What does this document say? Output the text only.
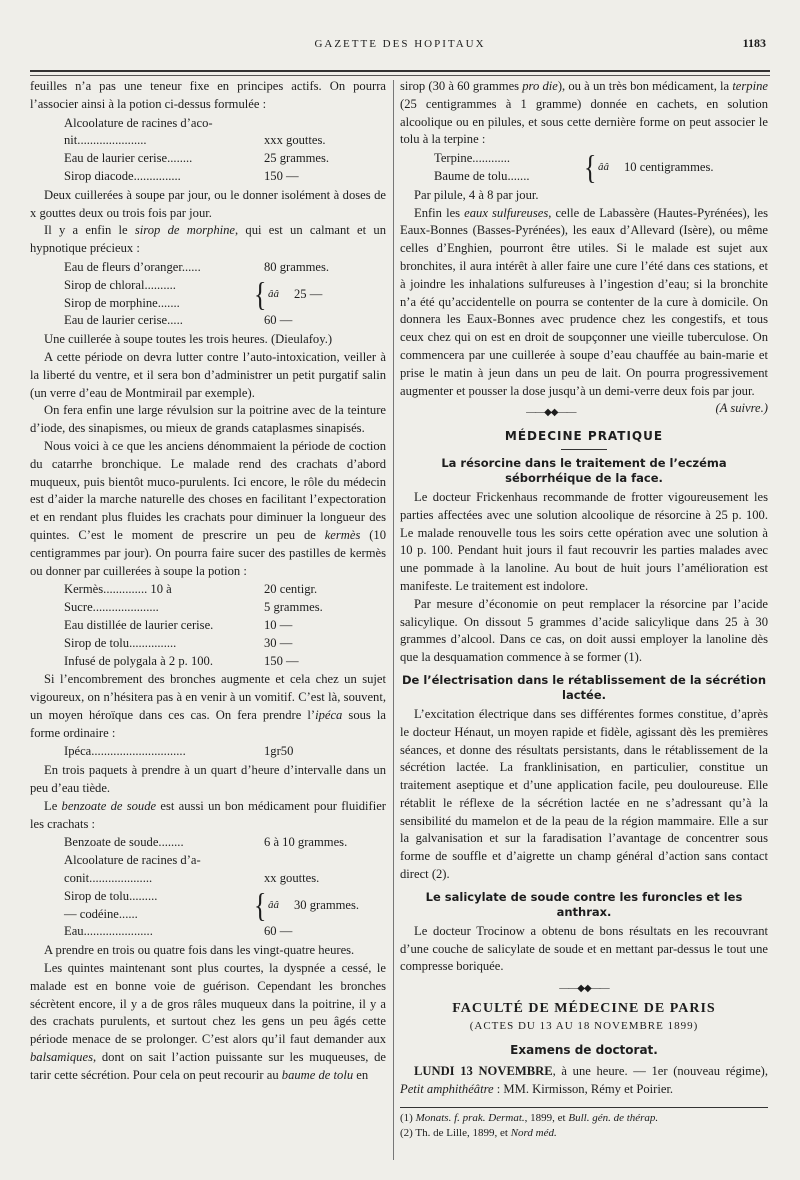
GAZETTE DES HOPITAUX	1183

feuilles n’a pas une teneur fixe en principes actifs. On pourra l’associer ainsi à la potion ci-dessus formulée :

Alcoolature de racines d’aco-
nit......................	xxx gouttes.
Eau de laurier cerise........	25 grammes.
Sirop diacode...............	150 —

Deux cuillerées à soupe par jour, ou le donner isolément à doses de x gouttes deux ou trois fois par jour.

Il y a enfin le sirop de morphine, qui est un calmant et un hypnotique précieux :

Eau de fleurs d’oranger......	80 grammes.
Sirop de chloral..........
Sirop de morphine.......	{ ââ	25 —
Eau de laurier cerise.....	60 —

Une cuillerée à soupe toutes les trois heures. (Dieulafoy.)

A cette période on devra lutter contre l’auto-intoxication, veiller à la liberté du ventre, et il sera bon d’administrer un petit purgatif salin (un verre d’eau de Montmirail par exemple).

On fera enfin une large révulsion sur la poitrine avec de la teinture d’iode, des sinapismes, ou mieux de grands cataplasmes sinapisés.

Nous voici à ce que les anciens dénommaient la période de coction du catarrhe bronchique. Le malade rend des crachats d’abord muqueux, puis bientôt muco-purulents. Ici encore, le rôle du médecin est d’aider la marche naturelle des choses en facilitant l’expectoration et en rendant plus fluides les crachats pour diminuer la longueur des quintes. C’est le moment de prescrire un peu de kermès (10 centigrammes par jour). On pourra faire sucer des pastilles de kermès ou donner par cuillerées à soupe la potion :

Kermès.............. 10 à	20 centigr.
Sucre.....................	5 grammes.
Eau distillée de laurier cerise.	10 —
Sirop de tolu...............	30 —
Infusé de polygala à 2 p. 100.	150 —

Si l’encombrement des bronches augmente et cela chez un sujet vigoureux, on n’hésitera pas à en venir à un vomitif. C’est là, souvent, un moyen héroïque dans ces cas. On fera prendre l’ipéca sous la forme ordinaire :

Ipéca..............................	1gr50

En trois paquets à prendre à un quart d’heure d’intervalle dans un peu d’eau tiède.

Le benzoate de soude est aussi un bon médicament pour fluidifier les crachats :

Benzoate de soude........	6 à 10 grammes.
Alcoolature de racines d’a-
conit....................	xx gouttes.
Sirop de tolu.........
— codéine......	{ ââ	30 grammes.
Eau......................	60 —

A prendre en trois ou quatre fois dans les vingt-quatre heures.

Les quintes maintenant sont plus courtes, la dyspnée a cessé, le malade est en bonne voie de guérison. Cependant les bronches sécrètent encore, il y a de gros râles muqueux dans la poitrine, il y a des crachats purulents, et surtout chez les gens un peu âgés cette période menace de se prolonger. C’est alors qu’il faut demander aux balsamiques, dont on sait l’action puissante sur les muqueuses, de tarir cette sécrétion. Pour cela on peut recourir au baume de tolu en

sirop (30 à 60 grammes pro die), ou à un très bon médicament, la terpine (25 centigrammes à 1 gramme) donnée en cachets, en solution alcoolique ou en pilules, et sous cette dernière forme on peut associer le tolu à la terpine :

Terpine............
Baume de tolu.......	{ ââ	10 centigrammes.

Par pilule, 4 à 8 par jour.

Enfin les eaux sulfureuses, celle de Labassère (Hautes-Pyrénées), les Eaux-Bonnes (Basses-Pyrénées), les eaux d’Allevard (Isère), ou même celles d’Enghien, pourront être utiles. Si le malade est sujet aux bronchites, il aura intérêt à aller faire une cure l’été dans ces stations, et à joindre les inhalations sulfureuses à l’ingestion d’eau; si la bronchite n’a été qu’accidentelle on pourra se contenter de la cure à domicile. On donnera les Eaux-Bonnes avec prudence chez les congestifs, et tous ceux chez qui on est en droit de soupçonner une vieille tuberculose. On commencera par une cuillerée à soupe d’eau chauffée au bain-marie et prise le matin à jeun dans un peu de lait. On pourra progressivement augmenter et pousser la dose jusqu’à un demi-verre deux fois par jour.
(A suivre.)

——◆◆——
MÉDECINE PRATIQUE
La résorcine dans le traitement de l’eczéma séborrhéique de la face.

Le docteur Frickenhaus recommande de frotter vigoureusement les parties affectées avec une solution alcoolique de résorcine à 25 p. 100. Le malade renouvelle tous les soirs cette opération avec une solution à 10 p. 100. Pendant huit jours il faut recouvrir les parties malades avec une pommade à la lanoline. Au bout de huit jours l’amélioration est manifeste. Le traitement est indolore.

Par mesure d’économie on peut remplacer la résorcine par l’acide salicylique. On dissout 5 grammes d’acide salicylique dans 25 à 30 grammes d’alcool. Dans ce cas, on doit aussi employer la lanoline dès que la desquamation commence à se former (1).

De l’électrisation dans le rétablissement de la sécrétion lactée.

L’excitation électrique dans ses différentes formes constitue, d’après le docteur Hénaut, un moyen rapide et fidèle, agissant dès les premières séances, et donne des résultats persistants, dans le rétablissement de la sécrétion lactée. La franklinisation, en particulier, constitue un traitement aseptique et d’une application facile, peu douloureuse. Elle rétablit le réflexe de la sécrétion lactée en ne s’adressant qu’à la sensibilité du mamelon et de la peau de la région mammaire. Elle a sur la galvanisation et sur la faradisation l’avantage de concentrer sous forme de souffle et d’aigrette un champ général d’action sans contact direct (2).

Le salicylate de soude contre les furoncles et les anthrax.

Le docteur Trocinow a obtenu de bons résultats en les recouvrant d’une couche de salicylate de soude et en mettant par-dessus le tout une compresse boriquée.

——◆◆——
FACULTÉ DE MÉDECINE DE PARIS
(ACTES DU 13 AU 18 NOVEMBRE 1899)
Examens de doctorat.

LUNDI 13 NOVEMBRE, à une heure. — 1er (nouveau régime), Petit amphithéâtre : MM. Kirmisson, Rémy et Poirier.

(1) Monats. f. prak. Dermat., 1899, et Bull. gén. de thérap.
(2) Th. de Lille, 1899, et Nord méd.
